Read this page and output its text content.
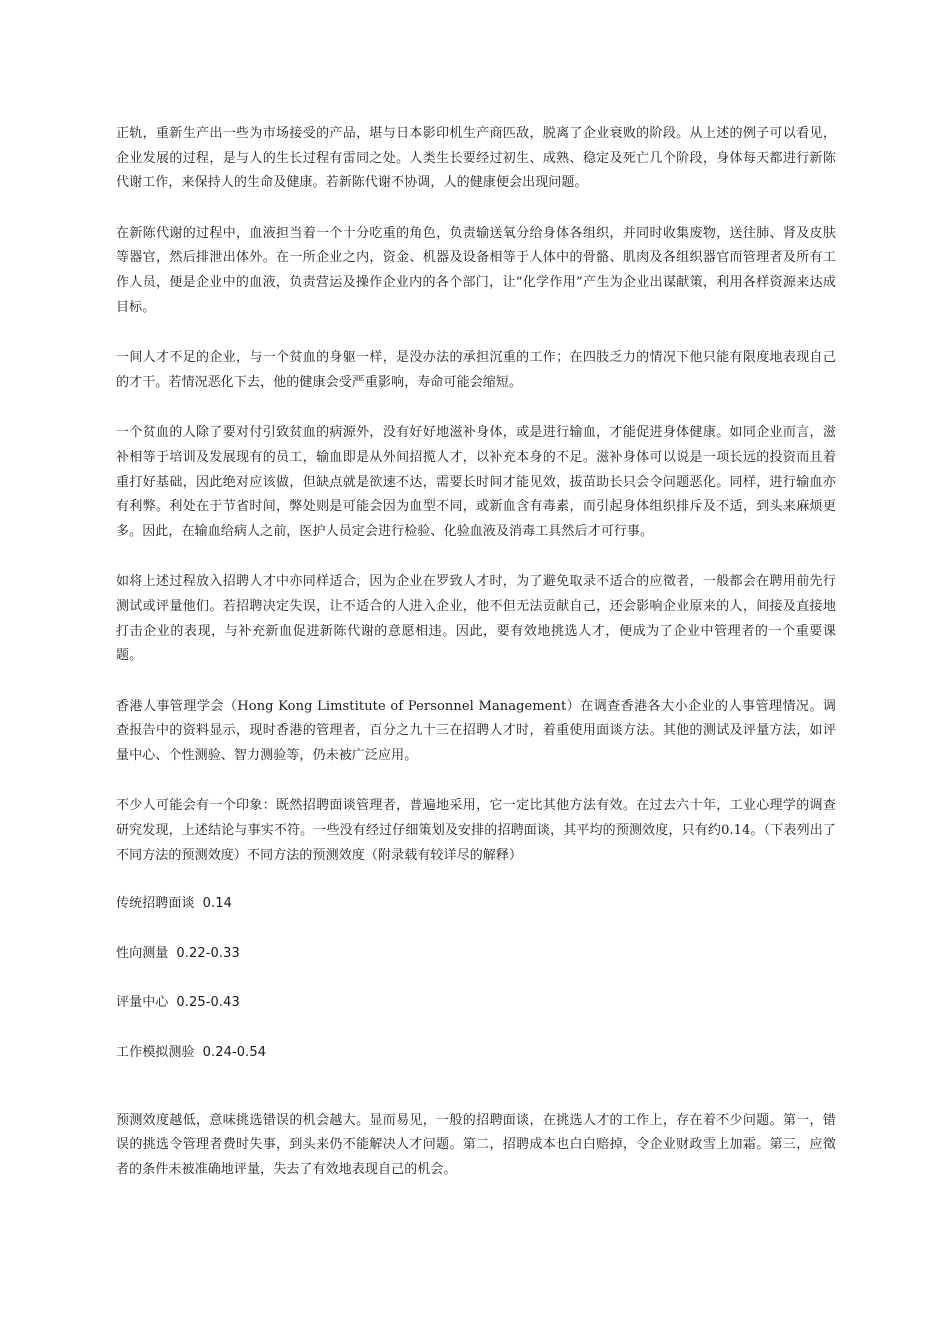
正轨，重新生产出一些为市场接受的产品，堪与日本影印机生产商匹敌，脱离了企业衰败的阶段。从上述的例子可以看见，企业发展的过程，是与人的生长过程有雷同之处。人类生长要经过初生、成熟、稳定及死亡几个阶段，身体每天都进行新陈代谢工作，来保持人的生命及健康。若新陈代谢不协调，人的健康便会出现问题。

在新陈代谢的过程中，血液担当着一个十分吃重的角色，负责输送氧分给身体各组织，并同时收集废物，送往肺、肾及皮肤等器官，然后排泄出体外。在一所企业之内，资金、机器及设备相等于人体中的骨骼、肌肉及各组织器官而管理者及所有工作人员，便是企业中的血液，负责营运及操作企业内的各个部门，让“化学作用”产生为企业出谋献策，利用各样资源来达成目标。

一间人才不足的企业，与一个贫血的身躯一样，是没办法的承担沉重的工作；在四肢乏力的情况下他只能有限度地表现自己的才干。若情况恶化下去，他的健康会受严重影响，寿命可能会缩短。

一个贫血的人除了要对付引致贫血的病源外，没有好好地滋补身体，或是进行输血，才能促进身体健康。如同企业而言，滋补相等于培训及发展现有的员工，输血即是从外间招揽人才，以补充本身的不足。滋补身体可以说是一项长远的投资而且着重打好基础，因此绝对应该做，但缺点就是欲速不达，需要长时间才能见效，拔苗助长只会令问题恶化。同样，进行输血亦有利弊。利处在于节省时间，弊处则是可能会因为血型不同，或新血含有毒素，而引起身体组织排斥及不适，到头来麻烦更多。因此，在输血给病人之前，医护人员定会进行检验、化验血液及消毒工具然后才可行事。

如将上述过程放入招聘人才中亦同样适合，因为企业在罗致人才时，为了避免取录不适合的应徵者，一般都会在聘用前先行测试或评量他们。若招聘决定失误，让不适合的人进入企业，他不但无法贡献自己，还会影响企业原来的人，间接及直接地打击企业的表现，与补充新血促进新陈代谢的意愿相违。因此，要有效地挑选人才，便成为了企业中管理者的一个重要课题。

香港人事管理学会（Hong Kong Limstitute of Personnel Management）在调查香港各大小企业的人事管理情况。调查报告中的资料显示，现时香港的管理者，百分之九十三在招聘人才时，着重使用面谈方法。其他的测试及评量方法，如评量中心、个性测验、智力测验等，仍未被广泛应用。

不少人可能会有一个印象：既然招聘面谈管理者，普遍地采用，它一定比其他方法有效。在过去六十年，工业心理学的调查研究发现，上述结论与事实不符。一些没有经过仔细策划及安排的招聘面谈，其平均的预测效度，只有约0.14。（下表列出了不同方法的预测效度）不同方法的预测效度（附录载有较详尽的解释）

传统招聘面谈 0.14

性向测量 0.22-0.33

评量中心 0.25-0.43

工作模拟测验 0.24-0.54

预测效度越低，意味挑选错误的机会越大。显而易见，一般的招聘面谈，在挑选人才的工作上，存在着不少问题。第一，错误的挑选令管理者费时失事，到头来仍不能解决人才问题。第二，招聘成本也白白赔掉，令企业财政雪上加霜。第三，应徵者的条件未被准确地评量，失去了有效地表现自己的机会。
